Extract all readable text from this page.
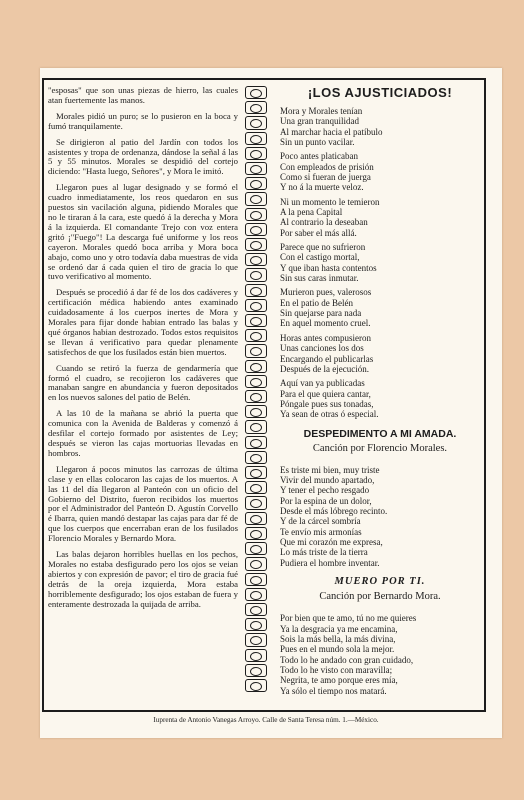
"esposas" que son unas piezas de hierro, las cuales atan fuertemente las manos.

Morales pidió un puro; se lo pusieron en la boca y fumó tranquilamente.

Se dirigieron al patio del Jardín con todos los asistentes y tropa de ordenanza, dándose la señal á las 5 y 55 minutos. Morales se despidió del cortejo diciendo: "Hasta luego, Señores", y Mora le imitó.

Llegaron pues al lugar designado y se formó el cuadro inmediatamente, los reos quedaron en sus puestos sin vacilación alguna, pidiendo Morales que no le tiraran á la cara, este quedó á la derecha y Mora á la izquierda. El comandante Trejo con voz entera gritó ¡"Fuego"! La descarga fué uniforme y los reos cayeron. Morales quedó boca arriba y Mora boca abajo, como uno y otro todavía daba muestras de vida se ordenó dar á cada quien el tiro de gracia lo que tuvo verificativo al momento.

Después se procedió á dar fé de los dos cadáveres y certificación médica habiendo antes examinado cuidadosamente á los cuerpos inertes de Mora y Morales para fijar donde habian entrado las balas y qué órganos habian destrozado. Todos estos requisitos se llevan á verificativo para quedar plenamente satisfechos de que los fusilados están bien muertos.

Cuando se retiró la fuerza de gendarmería que formó el cuadro, se recojieron los cadáveres que manaban sangre en abundancia y fueron depositados en los nuevos salones del patio de Belén.

A las 10 de la mañana se abrió la puerta que comunica con la Avenida de Balderas y comenzó á desfilar el cortejo formado por asistentes de Ley; después se vieron las cajas mortuorias llevadas en hombros.

Llegaron á pocos minutos las carrozas de última clase y en ellas colocaron las cajas de los muertos. A las 11 del día llegaron al Panteón con un oficio del Gobierno del Distrito, fueron recibidos los muertos por el Administrador del Panteón D. Agustín Corvello é Ibarra, quien mandó destapar las cajas para dar fé de que los cuerpos que encerraban eran de los fusilados Florencio Morales y Bernardo Mora.

Las balas dejaron horribles huellas en los pechos, Morales no estaba desfigurado pero los ojos se veian abiertos y con expresión de pavor; el tiro de gracia fué detrás de la oreja izquierda, Mora estaba horriblemente desfigurado; los ojos estaban de fuera y enteramente destrozada la quijada de arriba.

¡LOS AJUSTICIADOS!
Mora y Morales tenían
Una gran tranquilidad
Al marchar hacia el patíbulo
Sin un punto vacilar.
Poco antes platicaban
Con empleados de prisión
Como si fueran de juerga
Y no á la muerte veloz.
Ni un momento le temieron
A la pena Capital
Al contrario la deseaban
Por saber el más allá.
Parece que no sufrieron
Con el castigo mortal,
Y que iban hasta contentos
Sin sus caras inmutar.
Murieron pues, valerosos
En el patio de Belén
Sin quejarse para nada
En aquel momento cruel.
Horas antes compusieron
Unas canciones los dos
Encargando el publicarlas
Después de la ejecución.
Aquí van ya publicadas
Para el que quiera cantar,
Póngale pues sus tonadas,
Ya sean de otras ó especial.
DESPEDIMENTO A MI AMADA.
Canción por Florencio Morales.
Es triste mi bien, muy triste
Vivir del mundo apartado,
Y tener el pecho resgado
Por la espina de un dolor,
Desde el más lóbrego recinto.
Y de la cárcel sombría
Te envío mis armonías
Que mi corazón me expresa,
Lo más triste de la tierra
Pudiera el hombre inventar.
MUERO POR TI.
Canción por Bernardo Mora.
Por bien que te amo, tú no me quieres
Ya la desgracia ya me encamina,
Sois la más bella, la más divina,
Pues en el mundo sola la mejor.
Todo lo he andado con gran cuidado,
Todo lo he visto con maravilla;
Negrita, te amo porque eres mía,
Ya sólo el tiempo nos matará.

Iuprenta de Antonio Vanegas Arroyo. Calle de Santa Teresa núm. 1.—México.
